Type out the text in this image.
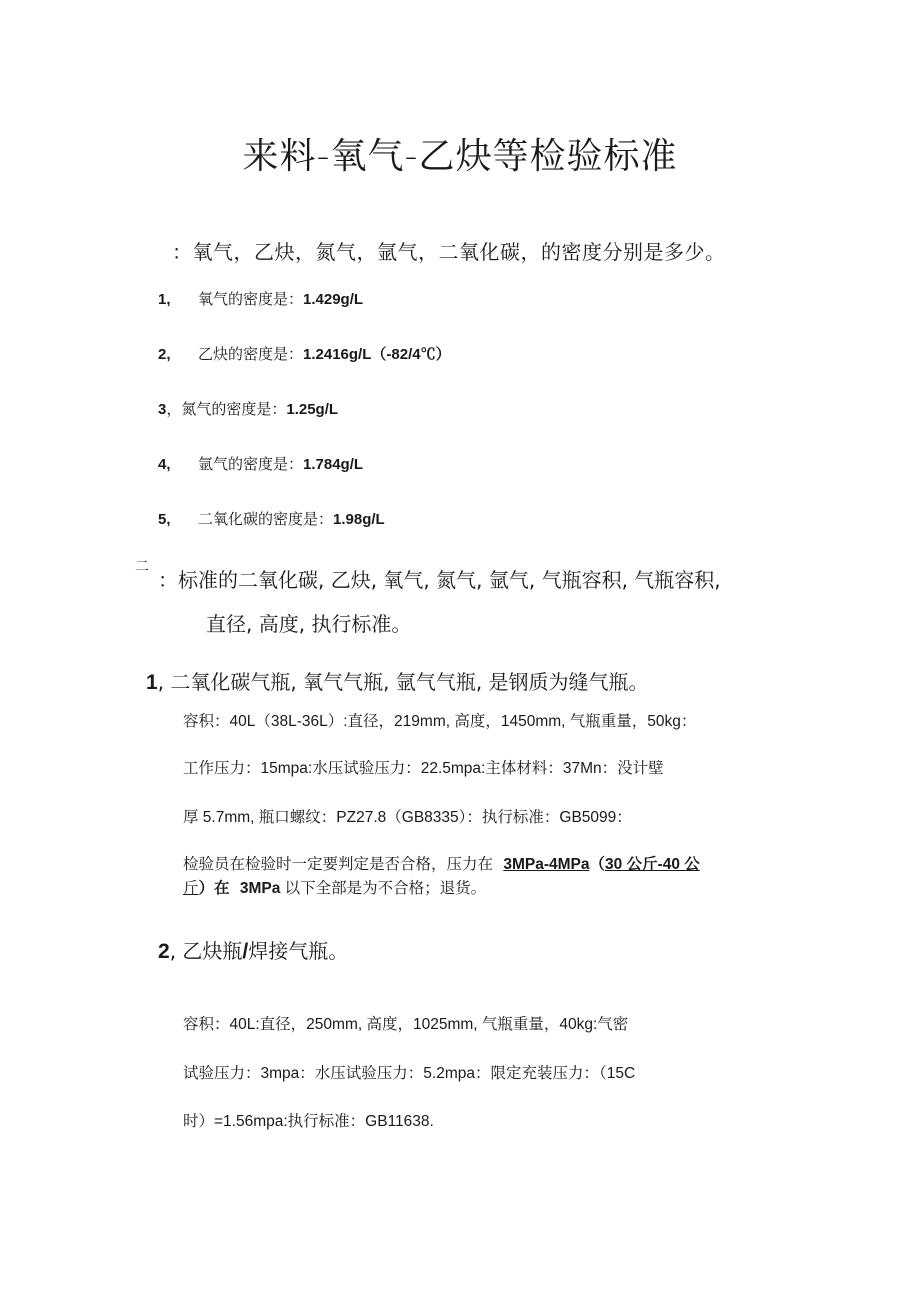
来料-氧气-乙炔等检验标准
：氧气，乙炔，氮气，氩气，二氧化碳，的密度分别是多少。
1, 氧气的密度是：1.429g/L
2, 乙炔的密度是：1.2416g/L（-82/4℃）
3，氮气的密度是：1.25g/L
4, 氩气的密度是：1.784g/L
5, 二氧化碳的密度是：1.98g/L
二
：标准的二氧化碳, 乙炔, 氧气, 氮气, 氩气, 气瓶容积, 气瓶容积,
直径, 高度, 执行标准。
1, 二氧化碳气瓶, 氧气气瓶, 氩气气瓶, 是钢质为缝气瓶。
容积：40L（38L-36L）:直径，219mm, 高度，1450mm, 气瓶重量，50kg：
工作压力：15mpa:水压试验压力：22.5mpa:主体材料：37Mn：没计壁
厚 5.7mm, 瓶口螺纹：PZ27.8（GB8335）：执行标准：GB5099：
检验员在检验时一定要判定是否合格，压力在 3MPa-4MPa（30 公斤-40 公
斤）在 3MPa 以下全部是为不合格；退货。
2, 乙炔瓶/焊接气瓶。
容积：40L:直径，250mm, 高度，1025mm, 气瓶重量，40kg:气密
试验压力：3mpa：水压试验压力：5.2mpa：限定充装压力：（15C
时）=1.56mpa:执行标准：GB11638.
